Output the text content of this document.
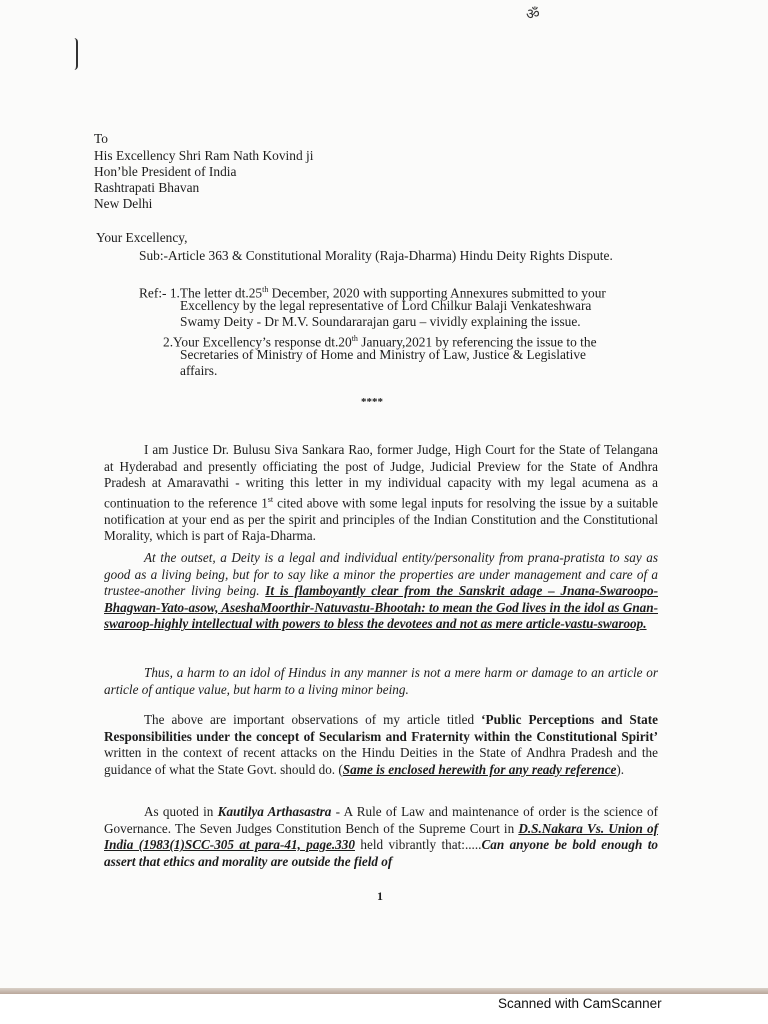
ॐ
To
His Excellency Shri Ram Nath Kovind ji
Hon’ble President of India
Rashtrapati Bhavan
New Delhi
Your Excellency,
Sub:-Article 363 & Constitutional Morality (Raja-Dharma) Hindu Deity Rights Dispute.
Ref:- 1.The letter dt.25th December, 2020 with supporting Annexures submitted to your
Excellency by the legal representative of Lord Chilkur Balaji Venkateshwara
Swamy Deity - Dr M.V. Soundararajan garu – vividly explaining the issue.
2.Your Excellency’s response dt.20th January,2021 by referencing the issue to the
Secretaries of Ministry of Home and Ministry of Law, Justice & Legislative
affairs.
****
I am Justice Dr. Bulusu Siva Sankara Rao, former Judge, High Court for the State of Telangana at Hyderabad and presently officiating the post of Judge, Judicial Preview for the State of Andhra Pradesh at Amaravathi - writing this letter in my individual capacity with my legal acumena as a continuation to the reference 1st cited above with some legal inputs for resolving the issue by a suitable notification at your end as per the spirit and principles of the Indian Constitution and the Constitutional Morality, which is part of Raja-Dharma.
At the outset, a Deity is a legal and individual entity/personality from prana-pratista to say as good as a living being, but for to say like a minor the properties are under management and care of a trustee-another living being. It is flamboyantly clear from the Sanskrit adage – Jnana-Swaroopo-Bhagwan-Yato-asow, AseshaMoorthir-Natuvastu-Bhootah: to mean the God lives in the idol as Gnan-swaroop-highly intellectual with powers to bless the devotees and not as mere article-vastu-swaroop.
Thus, a harm to an idol of Hindus in any manner is not a mere harm or damage to an article or article of antique value, but harm to a living minor being.
The above are important observations of my article titled ‘Public Perceptions and State Responsibilities under the concept of Secularism and Fraternity within the Constitutional Spirit’ written in the context of recent attacks on the Hindu Deities in the State of Andhra Pradesh and the guidance of what the State Govt. should do. (Same is enclosed herewith for any ready reference).
As quoted in Kautilya Arthasastra - A Rule of Law and maintenance of order is the science of Governance. The Seven Judges Constitution Bench of the Supreme Court in D.S.Nakara Vs. Union of India (1983(1)SCC-305 at para-41, page.330 held vibrantly that:.....Can anyone be bold enough to assert that ethics and morality are outside the field of
1
Scanned with CamScanner
